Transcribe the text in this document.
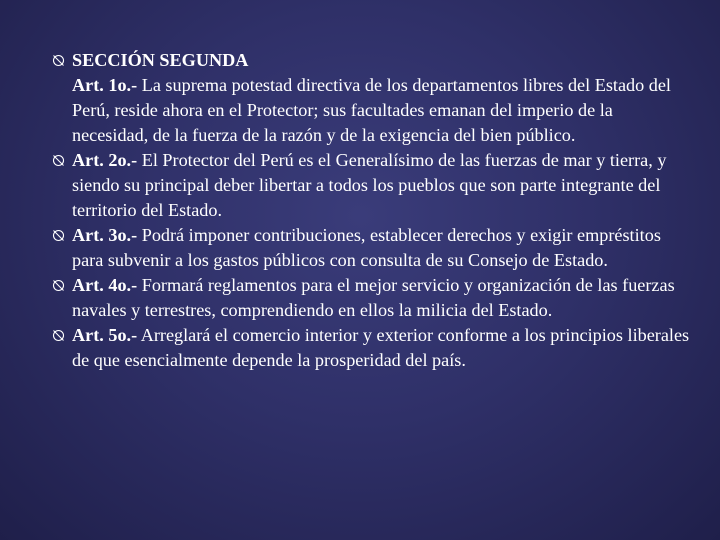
SECCIÓN SEGUNDA
Art. 1o.- La suprema potestad directiva de los departamentos libres del Estado del Perú, reside ahora en el Protector; sus facultades emanan del imperio de la necesidad, de la fuerza de la razón y de la exigencia del bien público.
Art. 2o.- El Protector del Perú es el Generalísimo de las fuerzas de mar y tierra, y siendo su principal deber libertar a todos los pueblos que son parte integrante del territorio del Estado.
Art. 3o.- Podrá imponer contribuciones, establecer derechos y exigir empréstitos para subvenir a los gastos públicos con consulta de su Consejo de Estado.
Art. 4o.- Formará reglamentos para el mejor servicio y organización de las fuerzas navales y terrestres, comprendiendo en ellos la milicia del Estado.
Art. 5o.- Arreglará el comercio interior y exterior conforme a los principios liberales de que esencialmente depende la prosperidad del país.
